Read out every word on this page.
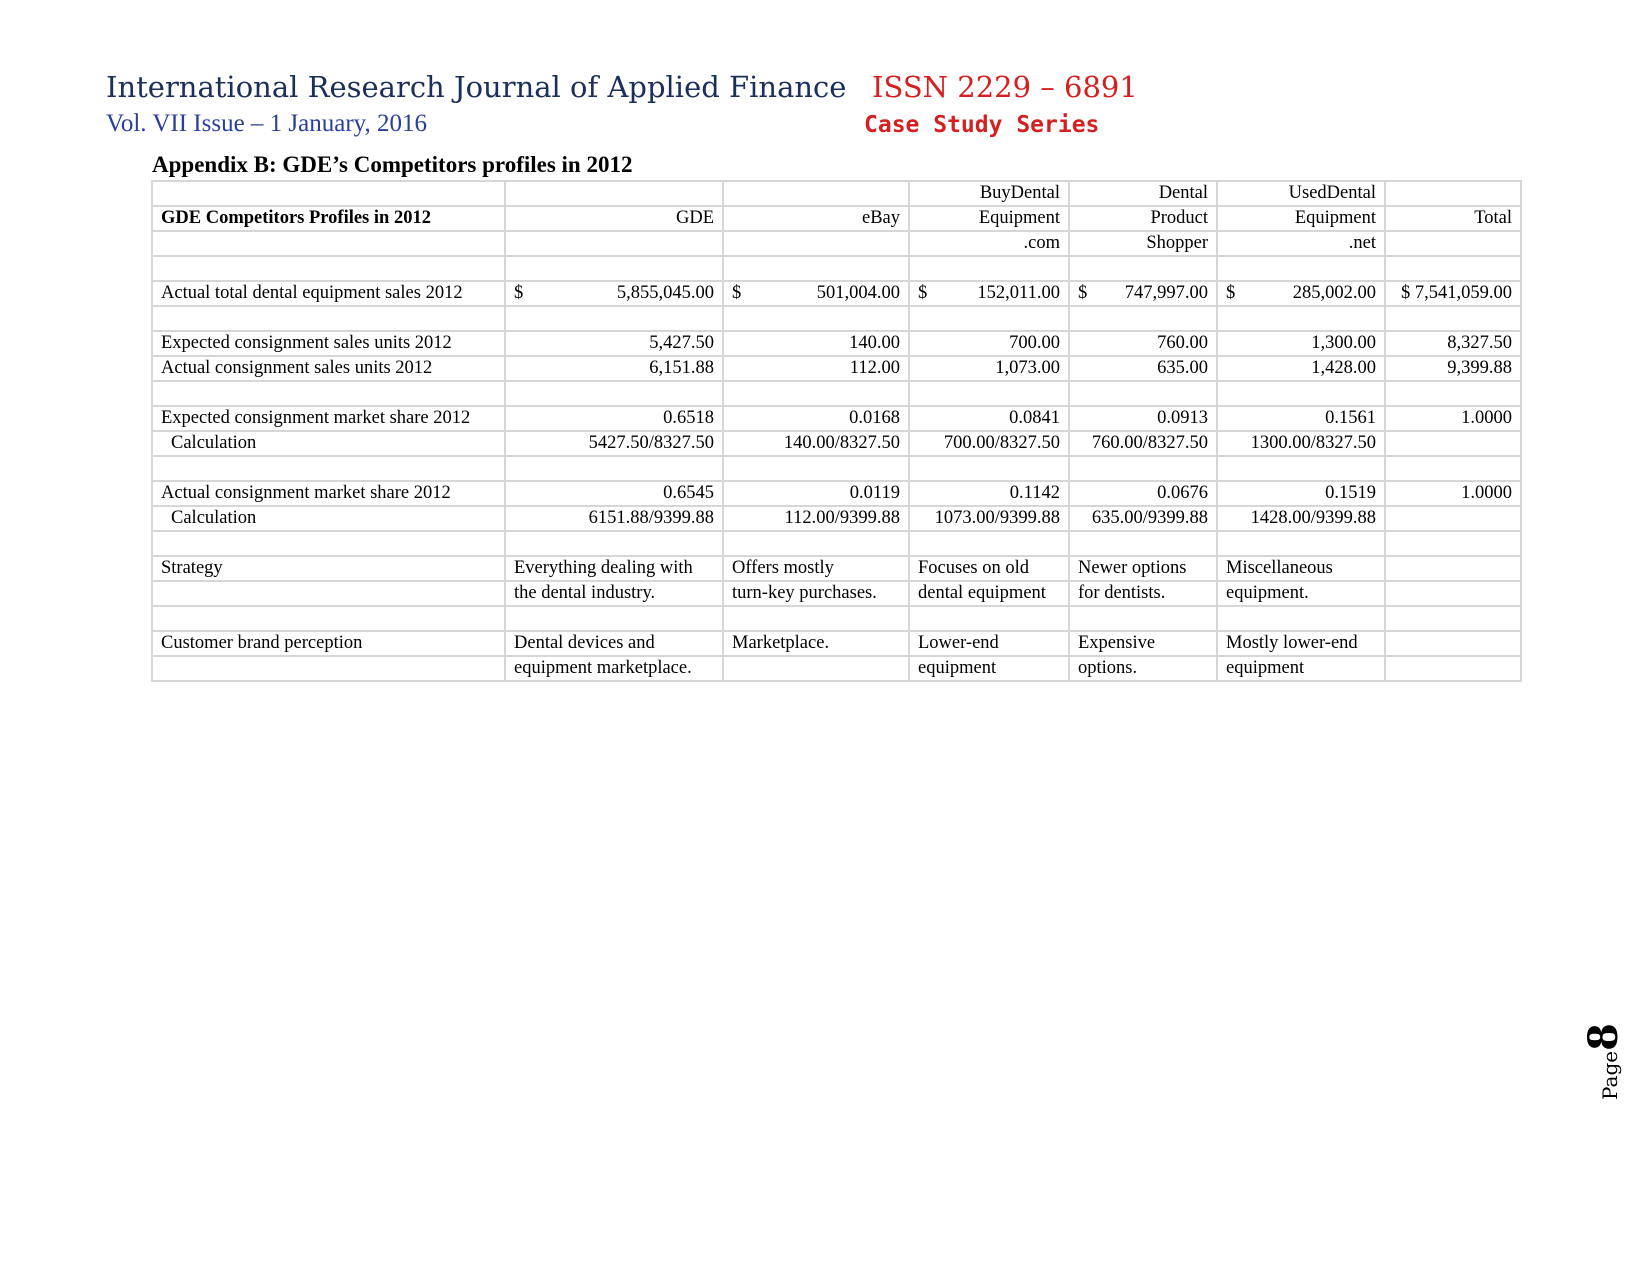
International Research Journal of Applied Finance ISSN 2229 – 6891
Vol. VII Issue – 1 January, 2016	Case Study Series
Appendix B: GDE’s Competitors profiles in 2012
			BuyDental	Dental	UsedDental	
GDE Competitors Profiles in 2012	GDE	eBay	Equipment	Product	Equipment	Total
			.com	Shopper	.net	

Actual total dental equipment sales 2012	$ 5,855,045.00	$ 501,004.00	$ 152,011.00	$ 747,997.00	$ 285,002.00	$ 7,541,059.00

Expected consignment sales units 2012	5,427.50	140.00	700.00	760.00	1,300.00	8,327.50
Actual consignment sales units 2012	6,151.88	112.00	1,073.00	635.00	1,428.00	9,399.88

Expected consignment market share 2012	0.6518	0.0168	0.0841	0.0913	0.1561	1.0000
Calculation	5427.50/8327.50	140.00/8327.50	700.00/8327.50	760.00/8327.50	1300.00/8327.50	

Actual consignment market share 2012	0.6545	0.0119	0.1142	0.0676	0.1519	1.0000
Calculation	6151.88/9399.88	112.00/9399.88	1073.00/9399.88	635.00/9399.88	1428.00/9399.88	

Strategy	Everything dealing with	Offers mostly	Focuses on old	Newer options	Miscellaneous	
	the dental industry.	turn-key purchases.	dental equipment	for dentists.	equipment.	

Customer brand perception	Dental devices and	Marketplace.	Lower-end	Expensive	Mostly lower-end	
	equipment marketplace.		equipment	options.	equipment	
Page8
